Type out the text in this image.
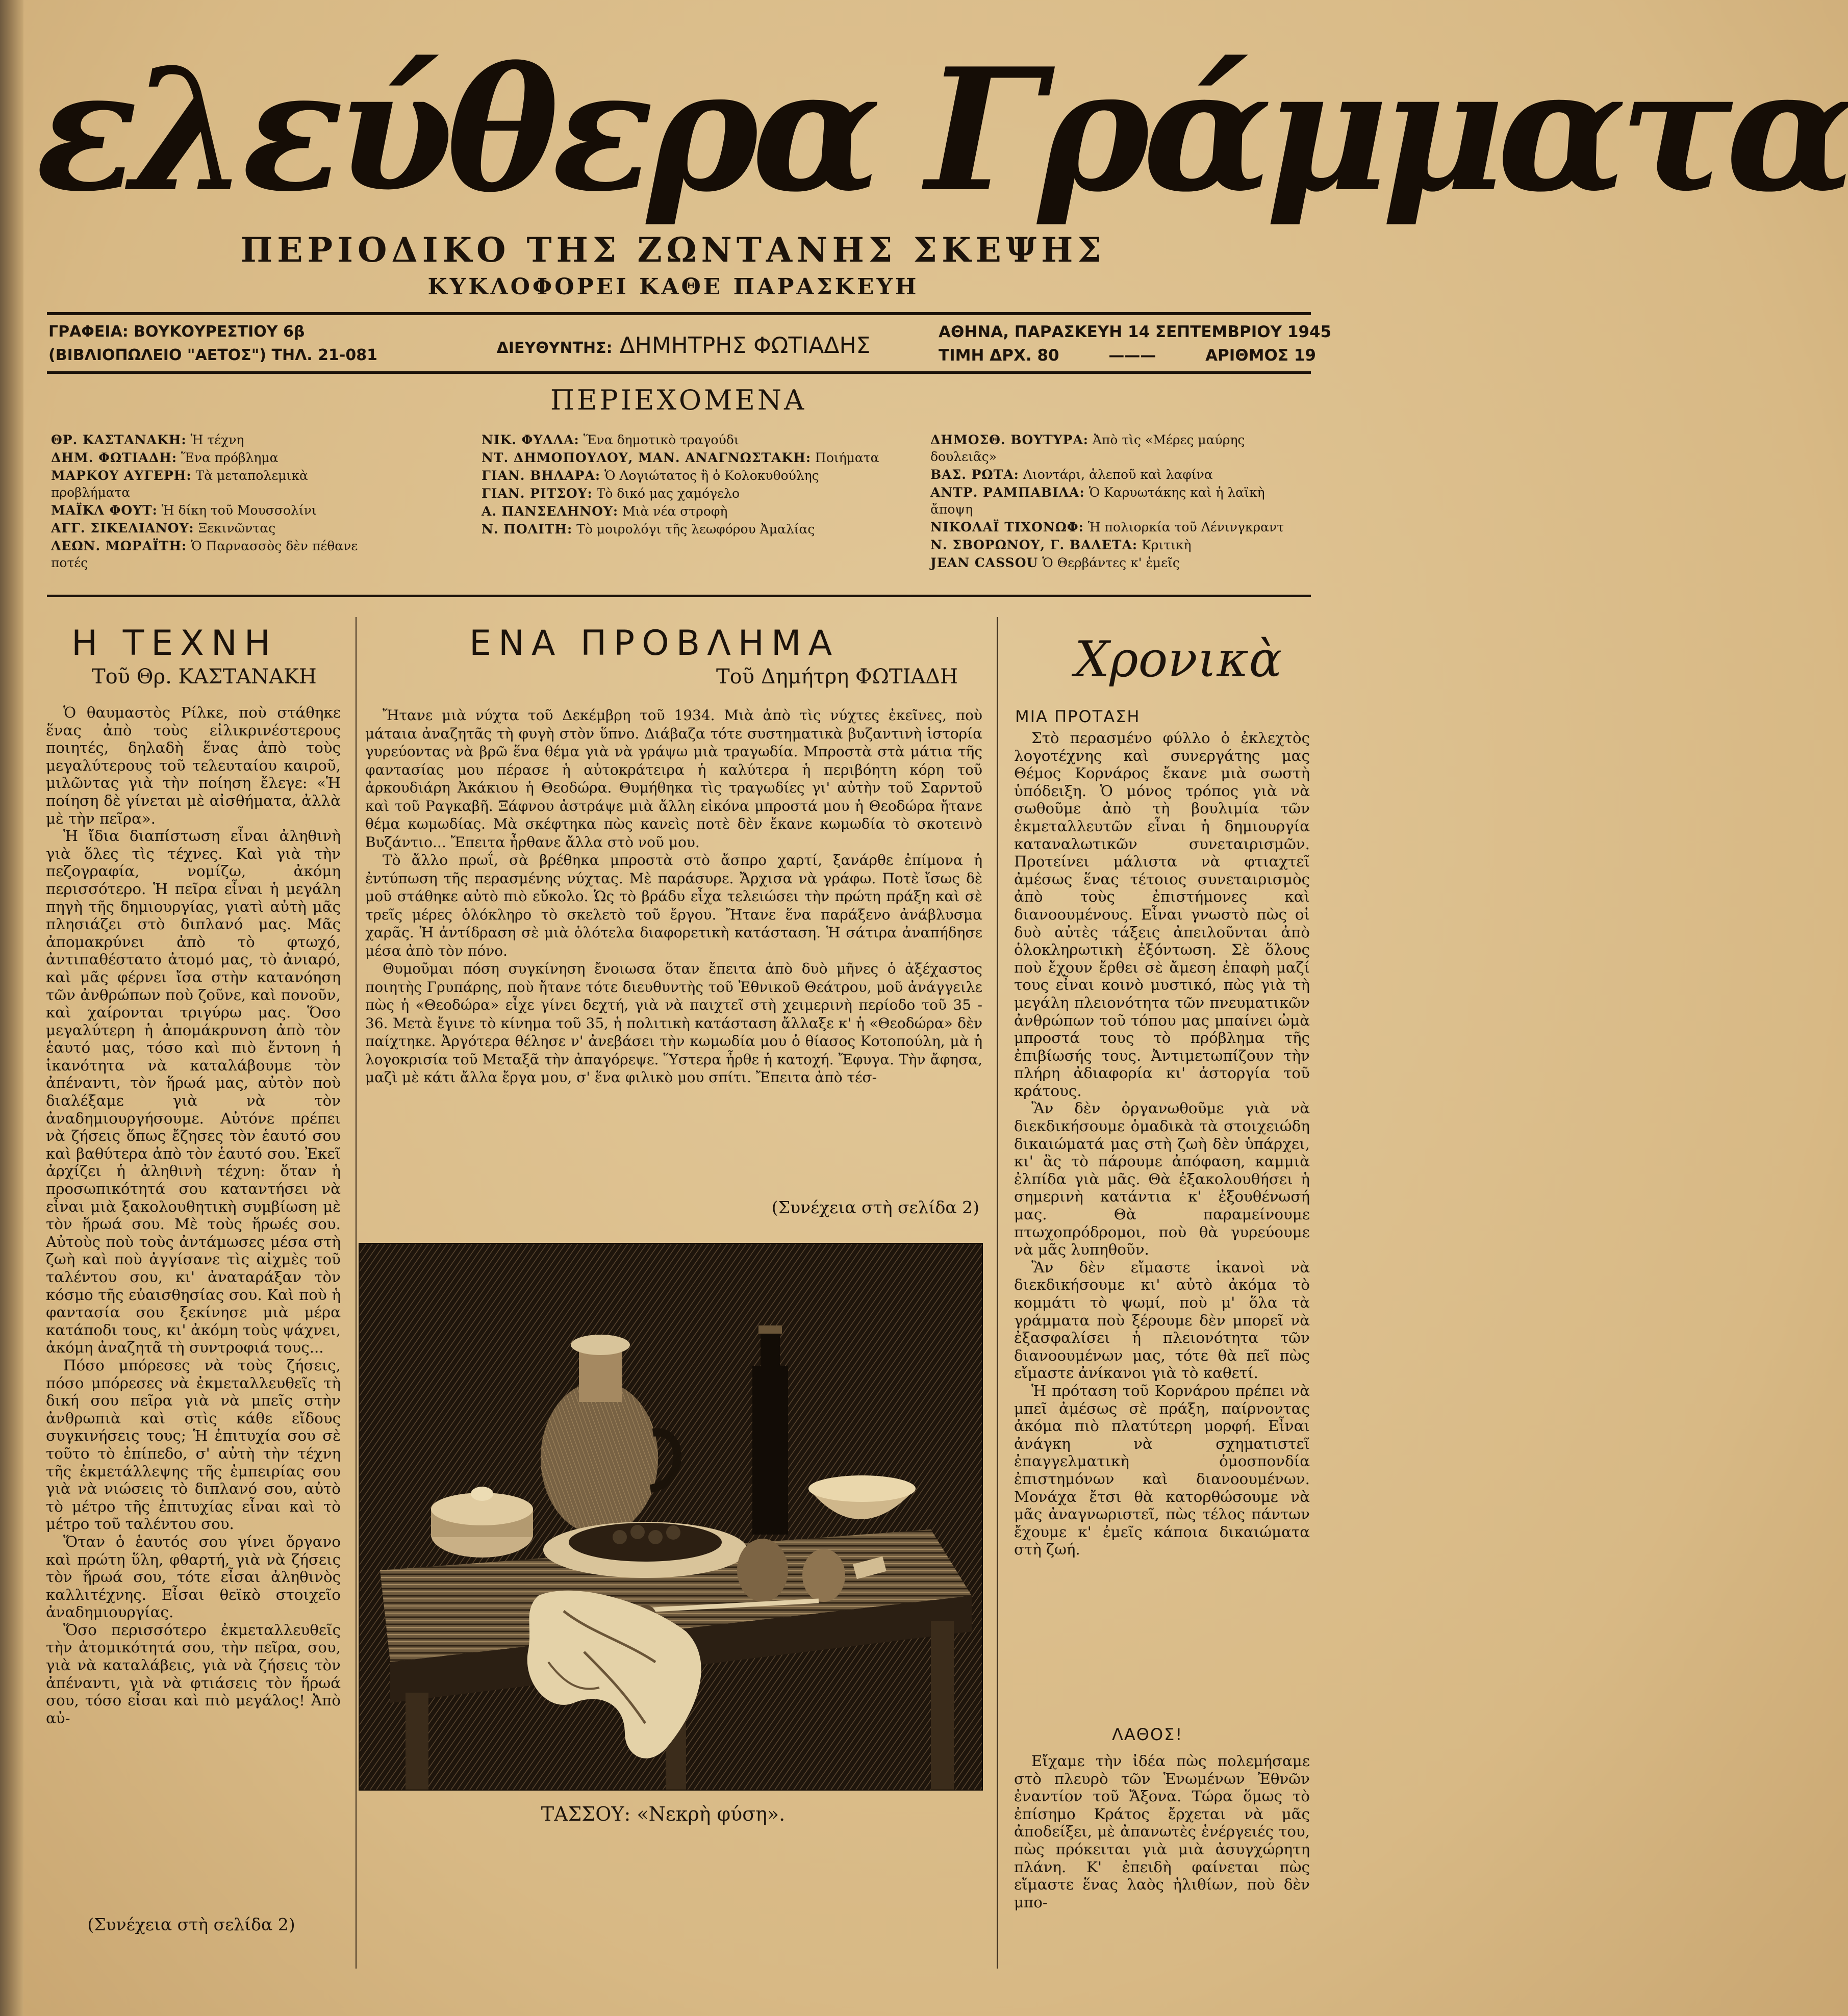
ελεύθερα Γράμματα
ΠΕΡΙΟΔΙΚΟ ΤΗΣ ΖΩΝΤΑΝΗΣ ΣΚΕΨΗΣ
ΚΥΚΛΟΦΟΡΕΙ ΚΑΘΕ ΠΑΡΑΣΚΕΥΗ
ΓΡΑΦΕΙΑ: ΒΟΥΚΟΥΡΕΣΤΙΟΥ 6β
(ΒΙΒΛΙΟΠΩΛΕΙΟ "ΑΕΤΟΣ") ΤΗΛ. 21-081	ΔΙΕΥΘΥΝΤΗΣ: ΔΗΜΗΤΡΗΣ ΦΩΤΙΑΔΗΣ
ΑΘΗΝΑ, ΠΑΡΑΣΚΕΥΗ 14 ΣΕΠΤΕΜΒΡΙΟΥ 1945
ΤΙΜΗ ΔΡΧ. 80	———	ΑΡΙΘΜΟΣ 19
ΠΕΡΙΕΧΟΜΕΝΑ
ΘΡ. ΚΑΣΤΑΝΑΚΗ: Ἡ τέχνη
ΔΗΜ. ΦΩΤΙΑΔΗ: Ἕνα πρόβλημα
ΜΑΡΚΟΥ ΑΥΓΕΡΗ: Τὰ μεταπολεμικὰ προβλήματα
ΜΑΪΚΛ ΦΟΥΤ: Ἡ δίκη τοῦ Μουσσολίνι
ΑΓΓ. ΣΙΚΕΛΙΑΝΟΥ: Ξεκινῶντας
ΛΕΩΝ. ΜΩΡΑΪΤΗ: Ὁ Παρνασσὸς δὲν πέθανε ποτές
ΝΙΚ. ΦΥΛΛΑ: Ἕνα δημοτικὸ τραγούδι
ΝΤ. ΔΗΜΟΠΟΥΛΟΥ, ΜΑΝ. ΑΝΑΓΝΩΣΤΑΚΗ: Ποιήματα
ΓΙΑΝ. ΒΗΛΑΡΑ: Ὁ Λογιώτατος ἢ ὁ Κολοκυθούλης
ΓΙΑΝ. ΡΙΤΣΟΥ: Τὸ δικό μας χαμόγελο
Α. ΠΑΝΣΕΛΗΝΟΥ: Μιὰ νέα στροφὴ
Ν. ΠΟΛΙΤΗ: Τὸ μοιρολόγι τῆς λεωφόρου Ἀμαλίας
ΔΗΜΟΣΘ. ΒΟΥΤΥΡΑ: Ἀπὸ τὶς «Μέρες μαύρης δουλειᾶς»
ΒΑΣ. ΡΩΤΑ: Λιοντάρι, ἀλεποῦ καὶ λαφίνα
ΑΝΤΡ. ΡΑΜΠΑΒΙΛΑ: Ὁ Καρυωτάκης καὶ ἡ λαϊκὴ ἄποψη
ΝΙΚΟΛΑΪ ΤΙΧΟΝΩΦ: Ἡ πολιορκία τοῦ Λένινγκραντ
Ν. ΣΒΟΡΩΝΟΥ, Γ. ΒΑΛΕΤΑ: Κριτικὴ
JEAN CASSOU Ὁ Θερβάντες κ' ἐμεῖς
Η ΤΕΧΝΗ
Τοῦ Θρ. ΚΑΣΤΑΝΑΚΗ

Ὁ θαυμαστὸς Ρίλκε, ποὺ στάθηκε ἕνας ἀπὸ τοὺς εἰλικρινέστερους ποιητές, δηλαδὴ ἕνας ἀπὸ τοὺς μεγαλύτερους τοῦ τελευταίου καιροῦ, μιλῶντας γιὰ τὴν ποίηση ἔλεγε: «Ἡ ποίηση δὲ γίνεται μὲ αἰσθήματα, ἀλλὰ μὲ τὴν πεῖρα».

Ἡ ἴδια διαπίστωση εἶναι ἀληθινὴ γιὰ ὅλες τὶς τέχνες. Καὶ γιὰ τὴν πεζογραφία, νομίζω, ἀκόμη περισσότερο. Ἡ πεῖρα εἶναι ἡ μεγάλη πηγὴ τῆς δημιουργίας, γιατὶ αὐτὴ μᾶς πλησιάζει στὸ διπλανό μας. Μᾶς ἀπομακρύνει ἀπὸ τὸ φτωχό, ἀντιπαθέστατο ἀτομό μας, τὸ ἀνιαρό, καὶ μᾶς φέρνει ἴσα στὴν κατανόηση τῶν ἀνθρώπων ποὺ ζοῦνε, καὶ πονοῦν, καὶ χαίρονται τριγύρω μας. Ὅσο μεγαλύτερη ἡ ἀπομάκρυνση ἀπὸ τὸν ἑαυτό μας, τόσο καὶ πιὸ ἔντονη ἡ ἱκανότητα νὰ καταλάβουμε τὸν ἀπέναντι, τὸν ἥρωά μας, αὐτὸν ποὺ διαλέξαμε γιὰ νὰ τὸν ἀναδημιουργήσουμε. Αὐτόνε πρέπει νὰ ζήσεις ὅπως ἔζησες τὸν ἑαυτό σου καὶ βαθύτερα ἀπὸ τὸν ἑαυτό σου. Ἐκεῖ ἀρχίζει ἡ ἀληθινὴ τέχνη: ὅταν ἡ προσωπικότητά σου καταντήσει νὰ εἶναι μιὰ ξακολουθητικὴ συμβίωση μὲ τὸν ἥρωά σου. Μὲ τοὺς ἥρωές σου. Αὐτοὺς ποὺ τοὺς ἀντάμωσες μέσα στὴ ζωὴ καὶ ποὺ ἀγγίσανε τὶς αἰχμὲς τοῦ ταλέντου σου, κι' ἀναταράξαν τὸν κόσμο τῆς εὐαισθησίας σου. Καὶ ποὺ ἡ φαντασία σου ξεκίνησε μιὰ μέρα κατάποδι τους, κι' ἀκόμη τοὺς ψάχνει, ἀκόμη ἀναζητᾶ τὴ συντροφιά τους...

Πόσο μπόρεσες νὰ τοὺς ζήσεις, πόσο μπόρεσες νὰ ἐκμεταλλευθεῖς τὴ δική σου πεῖρα γιὰ νὰ μπεῖς στὴν ἀνθρωπιὰ καὶ στὶς κάθε εἴδους συγκινήσεις τους; Ἡ ἐπιτυχία σου σὲ τοῦτο τὸ ἐπίπεδο, σ' αὐτὴ τὴν τέχνη τῆς ἐκμετάλλεψης τῆς ἐμπειρίας σου γιὰ νὰ νιώσεις τὸ διπλανό σου, αὐτὸ τὸ μέτρο τῆς ἐπιτυχίας εἶναι καὶ τὸ μέτρο τοῦ ταλέντου σου.

Ὅταν ὁ ἑαυτός σου γίνει ὄργανο καὶ πρώτη ὕλη, φθαρτή, γιὰ νὰ ζήσεις τὸν ἥρωά σου, τότε εἶσαι ἀληθινὸς καλλιτέχνης. Εἶσαι θεϊκὸ στοιχεῖο ἀναδημιουργίας.

Ὅσο περισσότερο ἐκμεταλλευθεῖς τὴν ἀτομικότητά σου, τὴν πεῖρα, σου, γιὰ νὰ καταλάβεις, γιὰ νὰ ζήσεις τὸν ἀπέναντι, γιὰ νὰ φτιάσεις τὸν ἥρωά σου, τόσο εἶσαι καὶ πιὸ μεγάλος! Ἀπὸ αὐ-

(Συνέχεια στὴ σελίδα 2)
ΕΝΑ ΠΡΟΒΛΗΜΑ
Τοῦ Δημήτρη ΦΩΤΙΑΔΗ

Ἤτανε μιὰ νύχτα τοῦ Δεκέμβρη τοῦ 1934. Μιὰ ἀπὸ τὶς νύχτες ἐκεῖνες, ποὺ μάταια ἀναζητᾶς τὴ φυγὴ στὸν ὕπνο. Διάβαζα τότε συστηματικὰ βυζαντινὴ ἱστορία γυρεύοντας νὰ βρῶ ἕνα θέμα γιὰ νὰ γράψω μιὰ τραγωδία. Μπροστὰ στὰ μάτια τῆς φαντασίας μου πέρασε ἡ αὐτοκράτειρα ἡ καλύτερα ἡ περιβόητη κόρη τοῦ ἀρκουδιάρη Ἀκάκιου ἡ Θεοδώρα. Θυμήθηκα τὶς τραγωδίες γι' αὐτὴν τοῦ Σαρντοῦ καὶ τοῦ Ραγκαβῆ. Ξάφνου ἀστράψε μιὰ ἄλλη εἰκόνα μπροστά μου ἡ Θεοδώρα ἤτανε θέμα κωμωδίας. Μὰ σκέφτηκα πὼς κανεὶς ποτὲ δὲν ἔκανε κωμωδία τὸ σκοτεινὸ Βυζάντιο... Ἔπειτα ἦρθανε ἄλλα στὸ νοῦ μου.

Τὸ ἄλλο πρωΐ, σὰ βρέθηκα μπροστὰ στὸ ἄσπρο χαρτί, ξανάρθε ἐπίμονα ἡ ἐντύπωση τῆς περασμένης νύχτας. Μὲ παράσυρε. Ἄρχισα νὰ γράφω. Ποτὲ ἴσως δὲ μοῦ στάθηκε αὐτὸ πιὸ εὔκολο. Ὡς τὸ βράδυ εἶχα τελειώσει τὴν πρώτη πράξη καὶ σὲ τρεῖς μέρες ὁλόκληρο τὸ σκελετὸ τοῦ ἔργου. Ἤτανε ἕνα παράξενο ἀνάβλυσμα χαρᾶς. Ἡ ἀντίδραση σὲ μιὰ ὁλότελα διαφορετικὴ κατάσταση. Ἡ σάτιρα ἀναπήδησε μέσα ἀπὸ τὸν πόνο.

Θυμοῦμαι πόση συγκίνηση ἔνοιωσα ὅταν ἔπειτα ἀπὸ δυὸ μῆνες ὁ ἀξέχαστος ποιητὴς Γρυπάρης, ποὺ ἤτανε τότε διευθυντὴς τοῦ Ἐθνικοῦ Θεάτρου, μοῦ ἀνάγγειλε πὼς ἡ «Θεοδώρα» εἶχε γίνει δεχτή, γιὰ νὰ παιχτεῖ στὴ χειμερινὴ περίοδο τοῦ 35 - 36. Μετὰ ἔγινε τὸ κίνημα τοῦ 35, ἡ πολιτικὴ κατάσταση ἄλλαξε κ' ἡ «Θεοδώρα» δὲν παίχτηκε. Ἀργότερα θέλησε ν' ἀνεβάσει τὴν κωμωδία μου ὁ θίασος Κοτοπούλη, μὰ ἡ λογοκρισία τοῦ Μεταξᾶ τὴν ἀπαγόρεψε. Ὕστερα ἦρθε ἡ κατοχή. Ἔφυγα. Τὴν ἄφησα, μαζὶ μὲ κάτι ἄλλα ἔργα μου, σ' ἕνα φιλικὸ μου σπίτι. Ἔπειτα ἀπὸ τέσ-

(Συνέχεια στὴ σελίδα 2)
ΤΑΣΣΟΥ: «Νεκρὴ φύση».
Χρονικὰ
ΜΙΑ ΠΡΟΤΑΣΗ

Στὸ περασμένο φύλλο ὁ ἐκλεχτὸς λογοτέχνης καὶ συνεργάτης μας Θέμος Κορνάρος ἔκανε μιὰ σωστὴ ὑπόδειξη. Ὁ μόνος τρόπος γιὰ νὰ σωθοῦμε ἀπὸ τὴ βουλιμία τῶν ἐκμεταλλευτῶν εἶναι ἡ δημιουργία καταναλωτικῶν συνεταιρισμῶν. Προτείνει μάλιστα νὰ φτιαχτεῖ ἀμέσως ἕνας τέτοιος συνεταιρισμὸς ἀπὸ τοὺς ἐπιστήμονες καὶ διανοουμένους. Εἶναι γνωστὸ πὼς οἱ δυὸ αὐτὲς τάξεις ἀπειλοῦνται ἀπὸ ὁλοκληρωτικὴ ἐξόντωση. Σὲ ὅλους ποὺ ἔχουν ἔρθει σὲ ἄμεση ἐπαφὴ μαζί τους εἶναι κοινὸ μυστικό, πὼς γιὰ τὴ μεγάλη πλειονότητα τῶν πνευματικῶν ἀνθρώπων τοῦ τόπου μας μπαίνει ὠμὰ μπροστά τους τὸ πρόβλημα τῆς ἐπιβίωσής τους. Ἀντιμετωπίζουν τὴν πλήρη ἀδιαφορία κι' ἀστοργία τοῦ κράτους.

Ἂν δὲν ὀργανωθοῦμε γιὰ νὰ διεκδικήσουμε ὁμαδικὰ τὰ στοιχειώδη δικαιώματά μας στὴ ζωὴ δὲν ὑπάρχει, κι' ἂς τὸ πάρουμε ἀπόφαση, καμμιὰ ἐλπίδα γιὰ μᾶς. Θὰ ἐξακολουθήσει ἡ σημερινὴ κατάντια κ' ἐξουθένωσή μας. Θὰ παραμείνουμε πτωχοπρόδρομοι, ποὺ θὰ γυρεύουμε νὰ μᾶς λυπηθοῦν.

Ἂν δὲν εἴμαστε ἱκανοὶ νὰ διεκδικήσουμε κι' αὐτὸ ἀκόμα τὸ κομμάτι τὸ ψωμί, ποὺ μ' ὅλα τὰ γράμματα ποὺ ξέρουμε δὲν μπορεῖ νὰ ἐξασφαλίσει ἡ πλειονότητα τῶν διανοουμένων μας, τότε θὰ πεῖ πὼς εἴμαστε ἀνίκανοι γιὰ τὸ καθετί.

Ἡ πρόταση τοῦ Κορνάρου πρέπει νὰ μπεῖ ἀμέσως σὲ πράξη, παίρνοντας ἀκόμα πιὸ πλατύτερη μορφή. Εἶναι ἀνάγκη νὰ σχηματιστεῖ ἐπαγγελματικὴ ὁμοσπονδία ἐπιστημόνων καὶ διανοουμένων. Μονάχα ἔτσι θὰ κατορθώσουμε νὰ μᾶς ἀναγνωριστεῖ, πὼς τέλος πάντων ἔχουμε κ' ἐμεῖς κάποια δικαιώματα στὴ ζωή.

ΛΑΘΟΣ!

Εἴχαμε τὴν ἰδέα πὼς πολεμήσαμε στὸ πλευρὸ τῶν Ἑνωμένων Ἐθνῶν ἐναντίον τοῦ Ἄξονα. Τώρα ὅμως τὸ ἐπίσημο Κράτος ἔρχεται νὰ μᾶς ἀποδείξει, μὲ ἀπανωτὲς ἐνέργειές του, πὼς πρόκειται γιὰ μιὰ ἀσυγχώρητη πλάνη. Κ' ἐπειδὴ φαίνεται πὼς εἴμαστε ἕνας λαὸς ἠλιθίων, ποὺ δὲν μπο-
